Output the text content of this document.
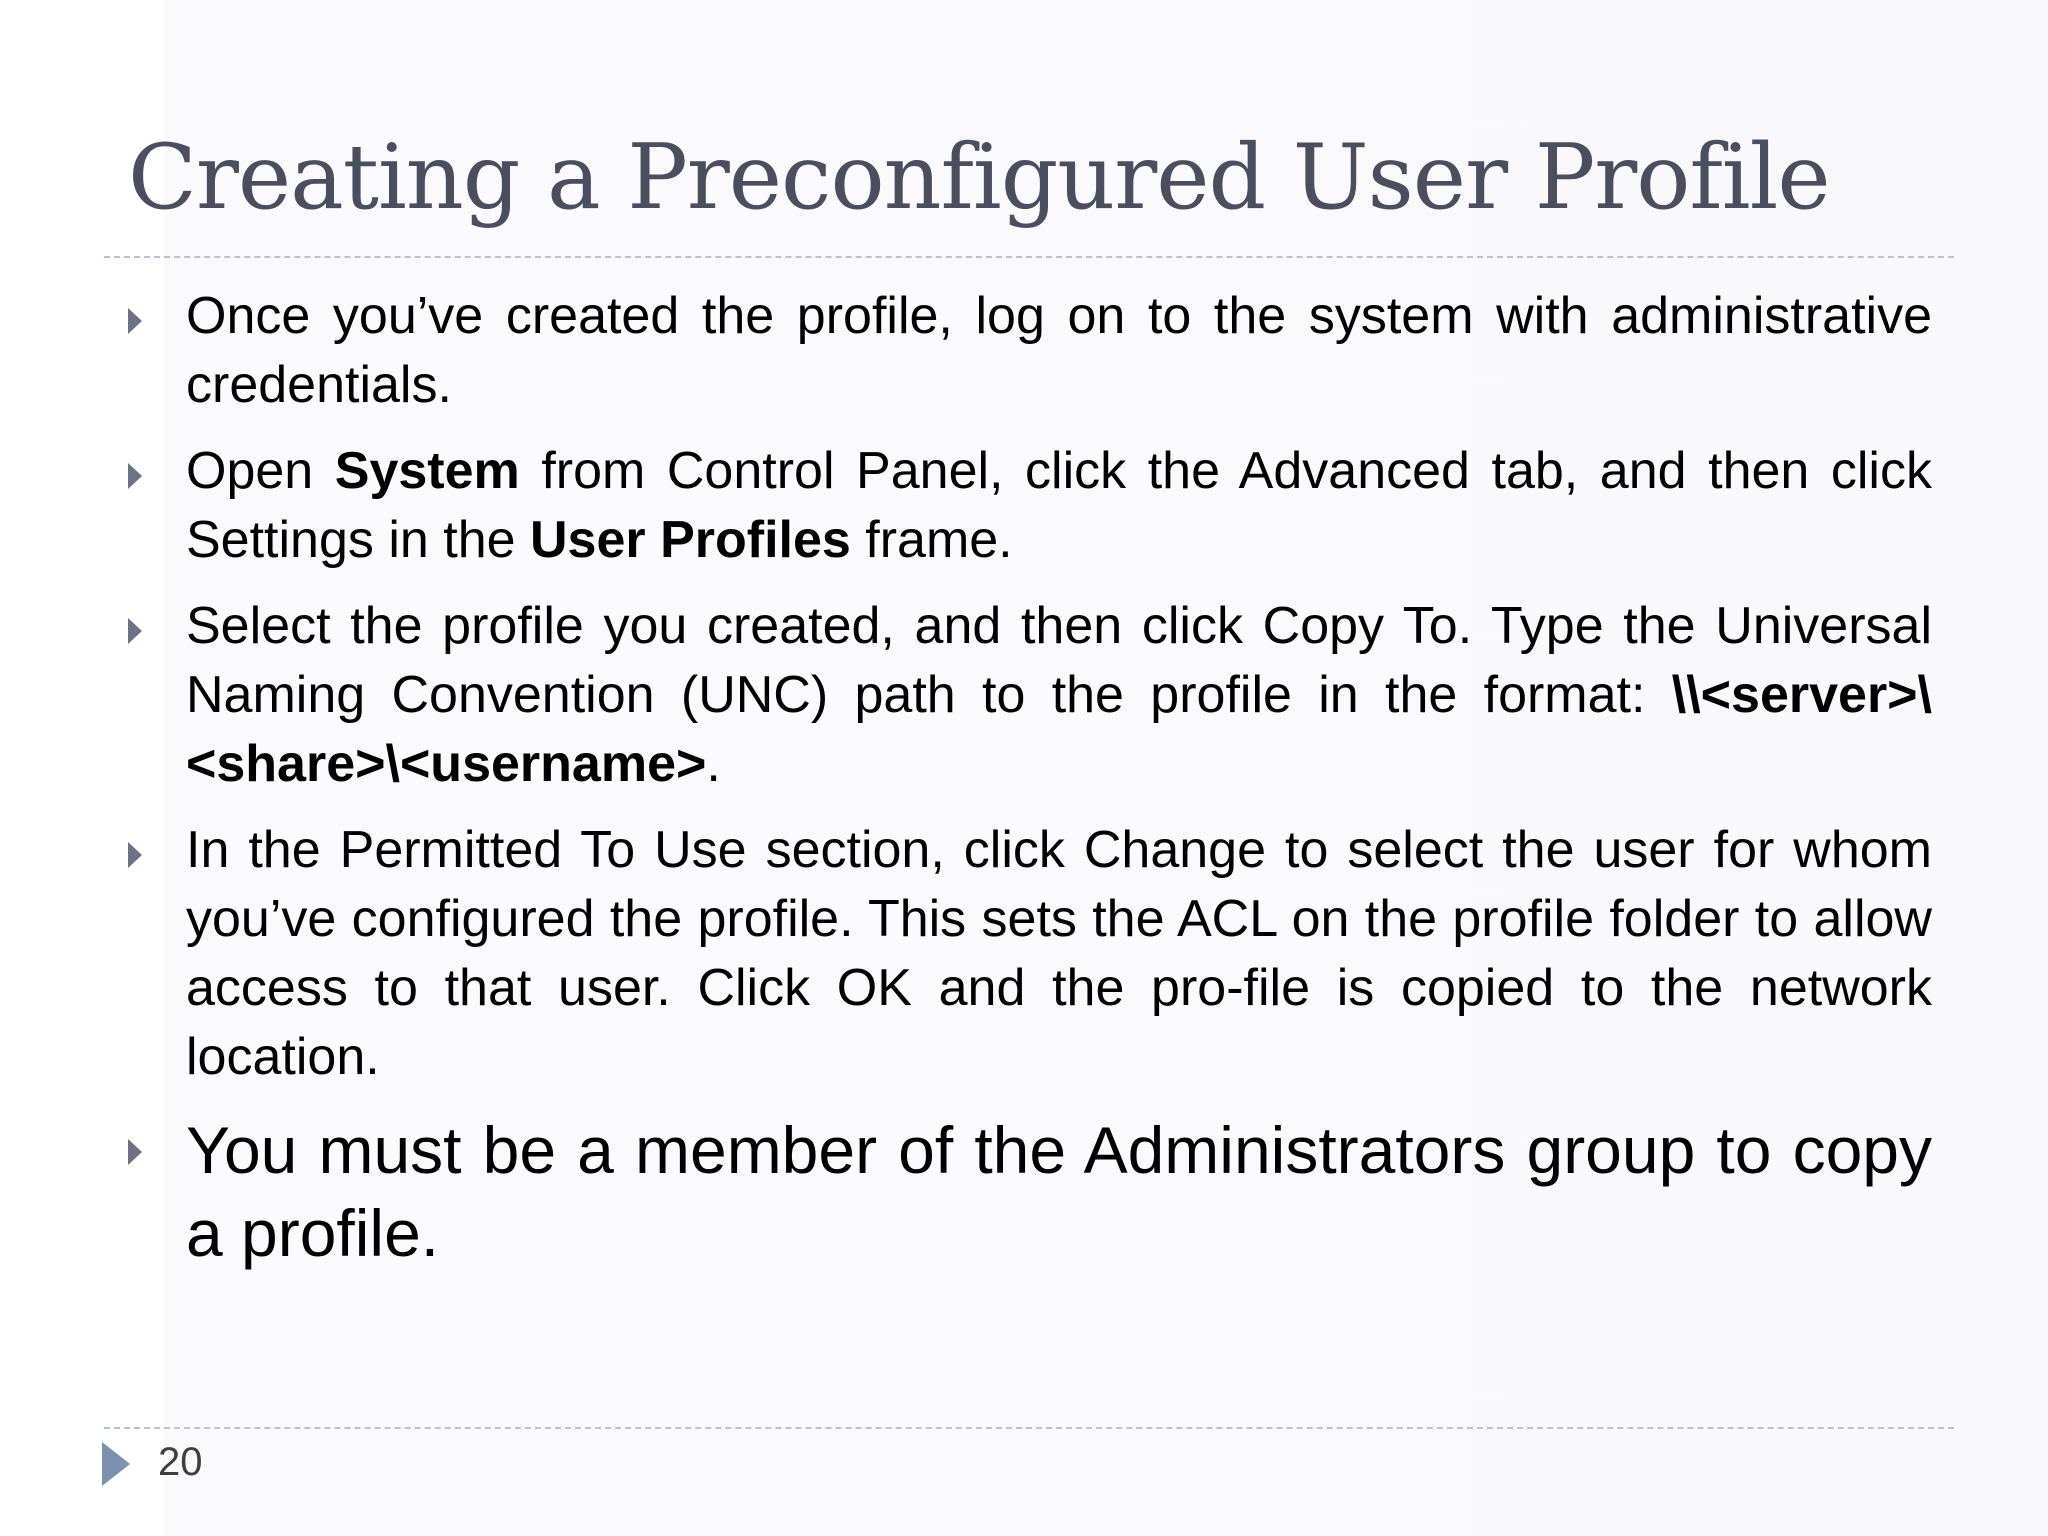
Creating a Preconfigured User Profile
Once you’ve created the profile, log on to the system with administrative credentials.
Open System from Control Panel, click the Advanced tab, and then click Settings in the User Profiles frame.
Select the profile you created, and then click Copy To. Type the Universal Naming Convention (UNC) path to the profile in the format: \\<server>\<share>\<username>.
In the Permitted To Use section, click Change to select the user for whom you’ve configured the profile. This sets the ACL on the profile folder to allow access to that user. Click OK and the pro-file is copied to the network location.
You must be a member of the Administrators group to copy a profile.
20
